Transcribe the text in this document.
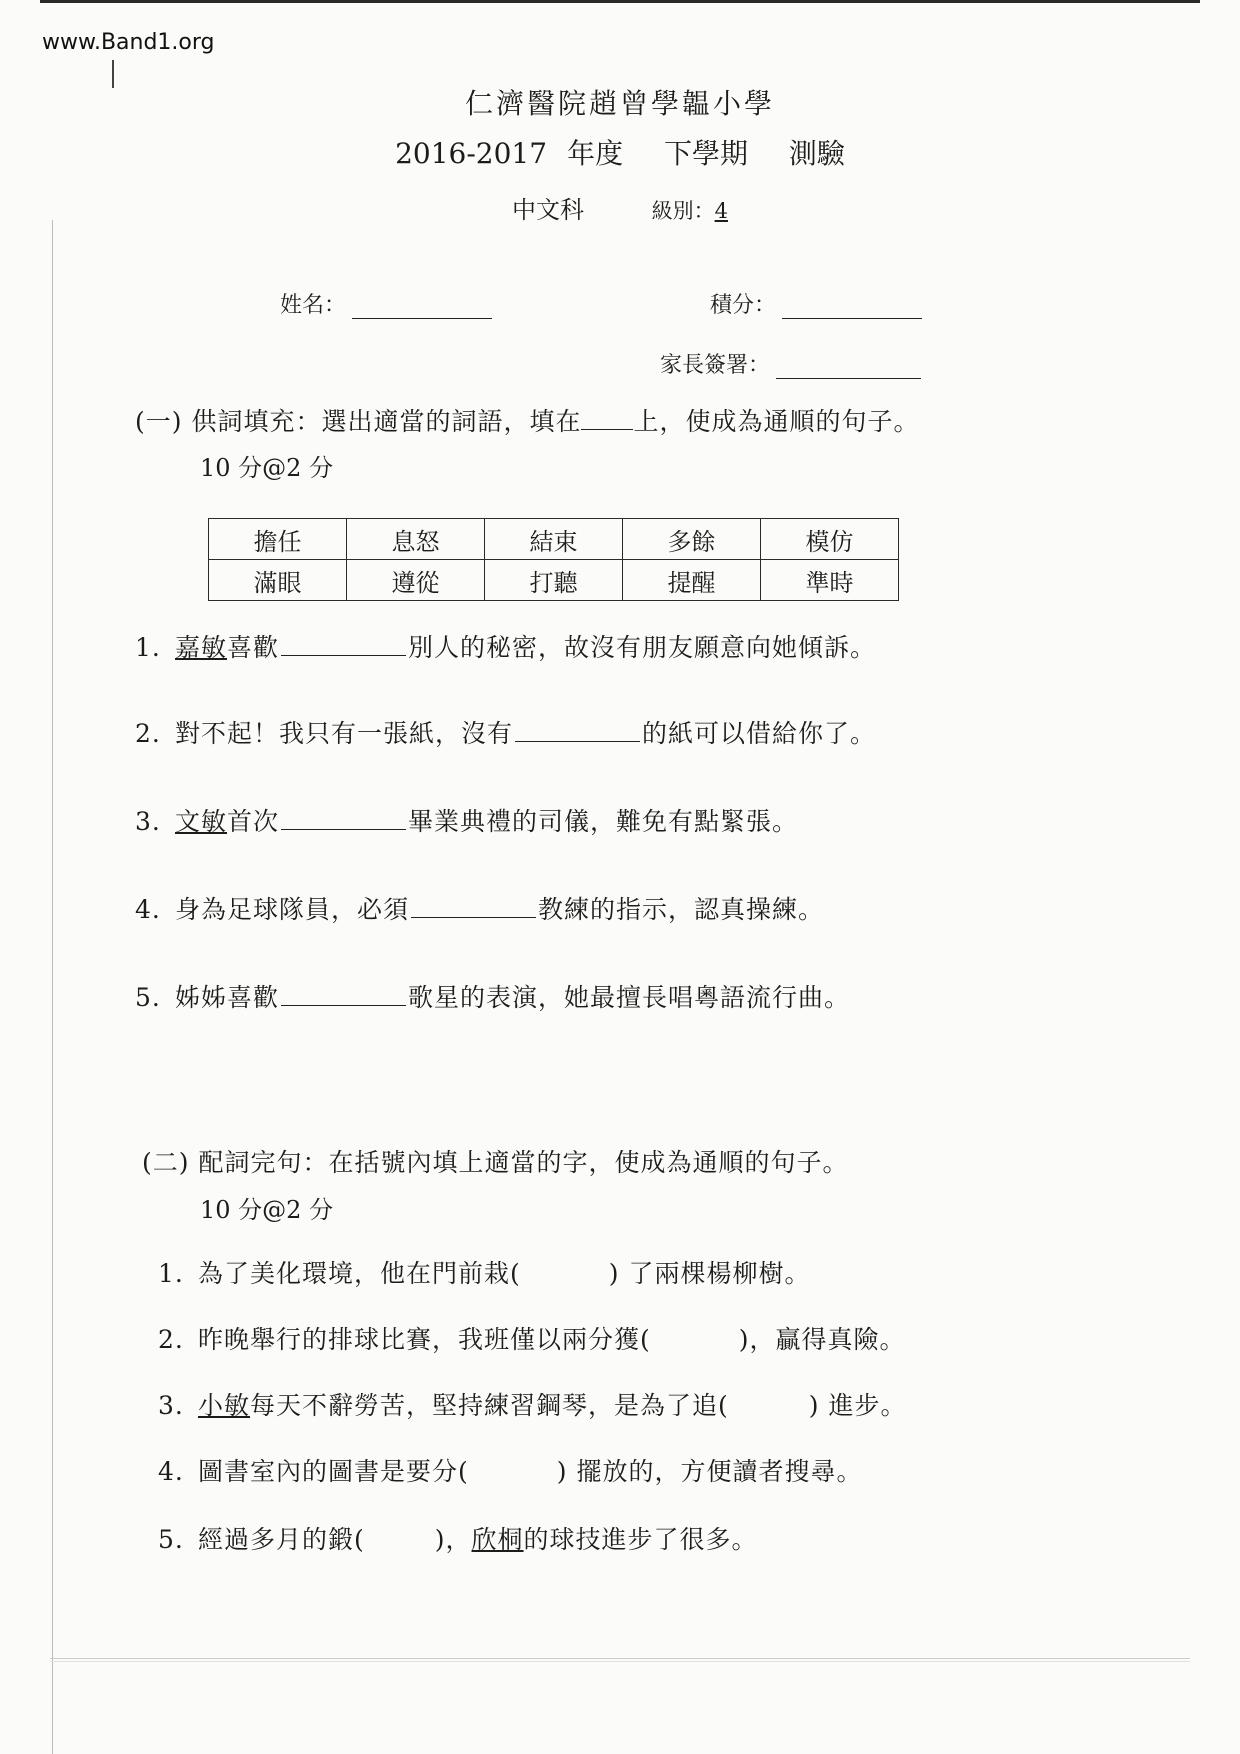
www.Band1.org
仁濟醫院趙曾學韞小學
2016-2017 年度 下學期 測驗
中文科	級別：4
姓名：	積分：
家長簽署：
(一) 供詞填充：選出適當的詞語，填在 上，使成為通順的句子。
10 分@2 分
擔任	息怒	結束	多餘	模仿
滿眼	遵從	打聽	提醒	準時
1. 嘉敏喜歡	別人的秘密，故沒有朋友願意向她傾訴。
2. 對不起！我只有一張紙，沒有	的紙可以借給你了。
3. 文敏首次	畢業典禮的司儀，難免有點緊張。
4. 身為足球隊員，必須	教練的指示，認真操練。
5. 姊姊喜歡	歌星的表演，她最擅長唱粵語流行曲。
(二) 配詞完句：在括號內填上適當的字，使成為通順的句子。
10 分@2 分
1. 為了美化環境，他在門前栽(	) 了兩棵楊柳樹。
2. 昨晚舉行的排球比賽，我班僅以兩分獲(	)，贏得真險。
3. 小敏每天不辭勞苦，堅持練習鋼琴，是為了追(	) 進步。
4. 圖書室內的圖書是要分(	) 擺放的，方便讀者搜尋。
5. 經過多月的鍛(	)，欣桐的球技進步了很多。
